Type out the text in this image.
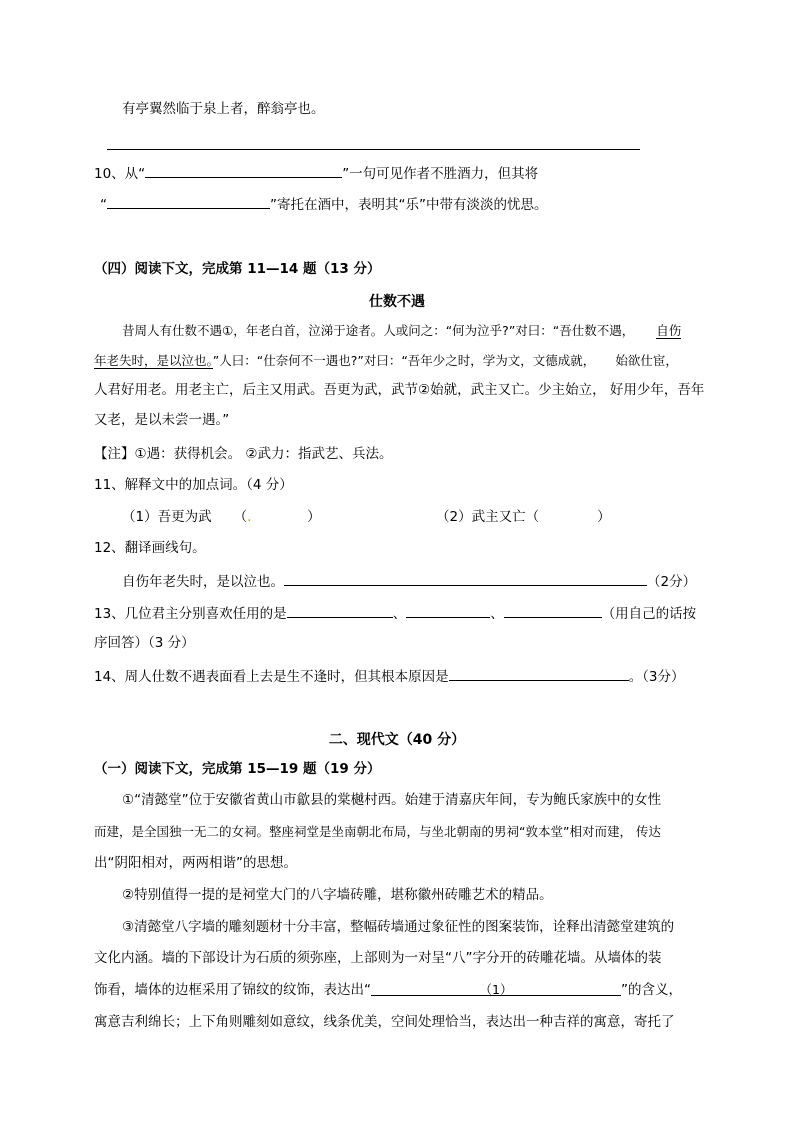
有亭翼然临于泉上者，醉翁亭也。
10、从“	”一句可见作者不胜酒力，但其将
“	”寄托在酒中，表明其“乐”中带有淡淡的忧思。
（四）阅读下文，完成第 11—14 题（13 分）
仕数不遇
昔周人有仕数不遇①，年老白首，泣涕于途者。人或问之：“何为泣乎?”对曰：“吾仕数不遇， 自伤
年老失时，是以泣也。”人曰：“仕奈何不一遇也?”对曰：“吾年少之时，学为文，文德成就， 始欲仕宦，
人君好用老。用老主亡，后主又用武。吾更为武，武节②始就，武主又亡。少主始立， 好用少年，吾年
又老，是以未尝一遇。”
【注】①遇：获得机会。 ②武力：指武艺、兵法。
11、解释文中的加点词。（4 分）
（1）吾更为武 （.	）	（2）武主又亡（	）
12、翻译画线句。
自伤年老失时，是以泣也。	（2分）
13、几位君主分别喜欢任用的是	、	、	（用自己的话按
序回答）（3 分）
14、周人仕数不遇表面看上去是生不逢时，但其根本原因是	。（3分）
二、现代文（40 分）
（一）阅读下文，完成第 15—19 题（19 分）
①“清懿堂”位于安徽省黄山市歙县的棠樾村西。始建于清嘉庆年间，专为鲍氏家族中的女性
而建，是全国独一无二的女祠。整座祠堂是坐南朝北布局，与坐北朝南的男祠“敦本堂”相对而建， 传达
出“阴阳相对，两两相谐”的思想。
②特别值得一提的是祠堂大门的八字墙砖雕，堪称徽州砖雕艺术的精品。
③清懿堂八字墙的雕刻题材十分丰富，整幅砖墙通过象征性的图案装饰，诠释出清懿堂建筑的
文化内涵。墙的下部设计为石质的须弥座，上部则为一对呈“八”字分开的砖雕花墙。从墙体的装
饰看，墙体的边框采用了锦纹的纹饰，表达出“	（1）	”的含义，
寓意吉利绵长；上下角则雕刻如意纹，线条优美，空间处理恰当，表达出一种吉祥的寓意，寄托了
